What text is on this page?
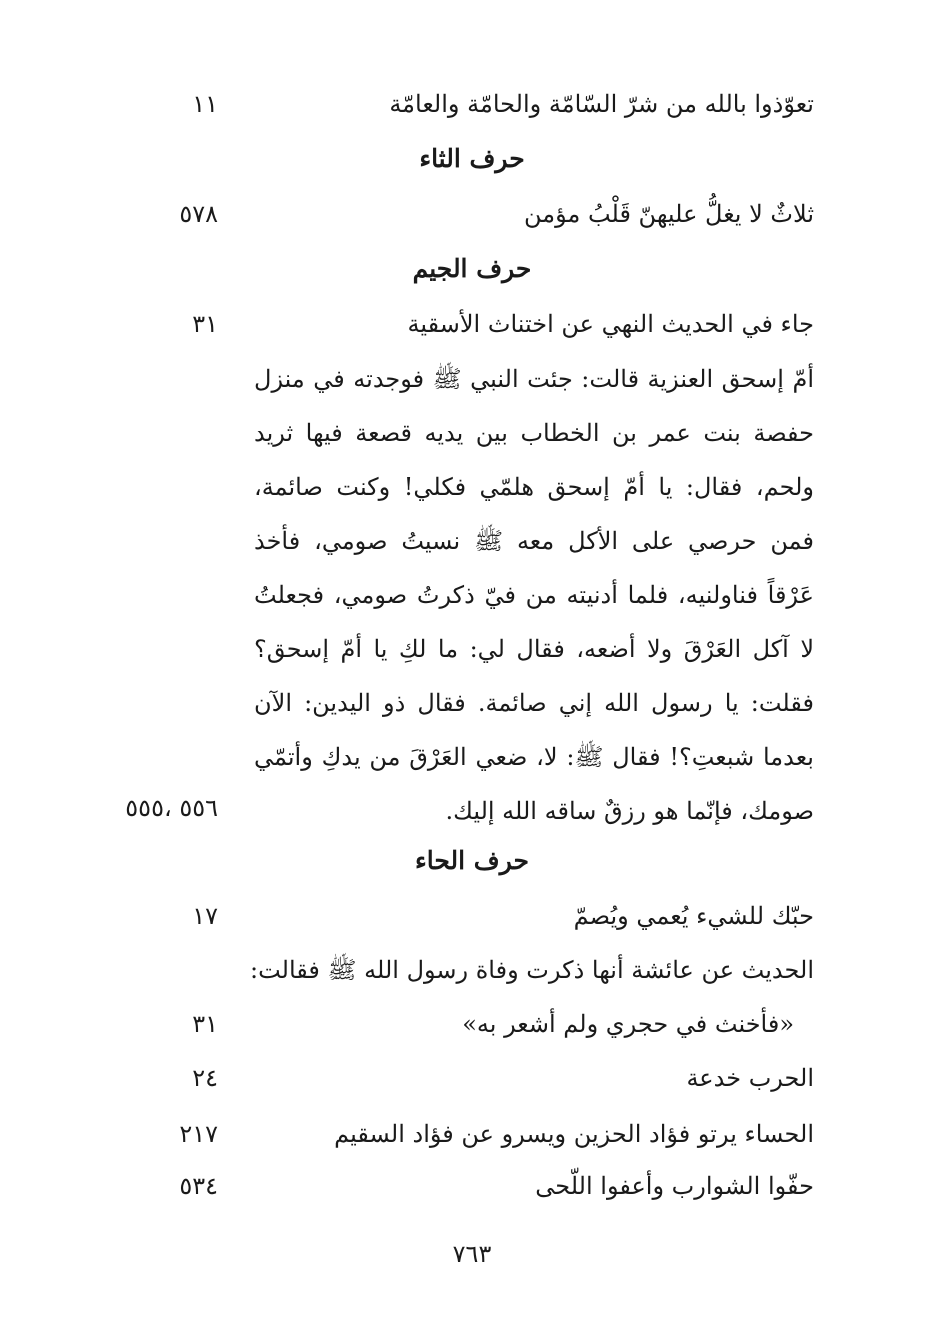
تعوّذوا بالله من شرّ السّامّة والحامّة والعامّة
١١
حرف الثاء
ثلاثٌ لا يغلُّ عليهنّ قَلْبُ مؤمن
٥٧٨
حرف الجيم
جاء في الحديث النهي عن اختناث الأسقية
٣١
أمّ إسحق العنزية قالت: جئت النبي ﷺ فوجدته في منزل حفصة بنت عمر بن الخطاب بين يديه قصعة فيها ثريد ولحم، فقال: يا أمّ إسحق هلمّي فكلي! وكنت صائمة، فمن حرصي على الأكل معه ﷺ نسيتُ صومي، فأخذ عَرْقاً فناولنيه، فلما أدنيته من فيّ ذكرتُ صومي، فجعلتُ لا آكل العَرْقَ ولا أضعه، فقال لي: ما لكِ يا أمّ إسحق؟ فقلت: يا رسول الله إني صائمة. فقال ذو اليدين: الآن بعدما شبعتِ؟! فقال ﷺ: لا، ضعي العَرْقَ من يدكِ وأتمّي صومك، فإنّما هو رزقٌ ساقه الله إليك.
٥٥٦ ،٥٥٥
حرف الحاء
حبّك للشيء يُعمي ويُصمّ
١٧
الحديث عن عائشة أنها ذكرت وفاة رسول الله ﷺ فقالت:
«فأخنث في حجري ولم أشعر به»
٣١
الحرب خدعة
٢٤
الحساء يرتو فؤاد الحزين ويسرو عن فؤاد السقيم
٢١٧
حفّوا الشوارب وأعفوا اللّحى
٥٣٤
٧٦٣
